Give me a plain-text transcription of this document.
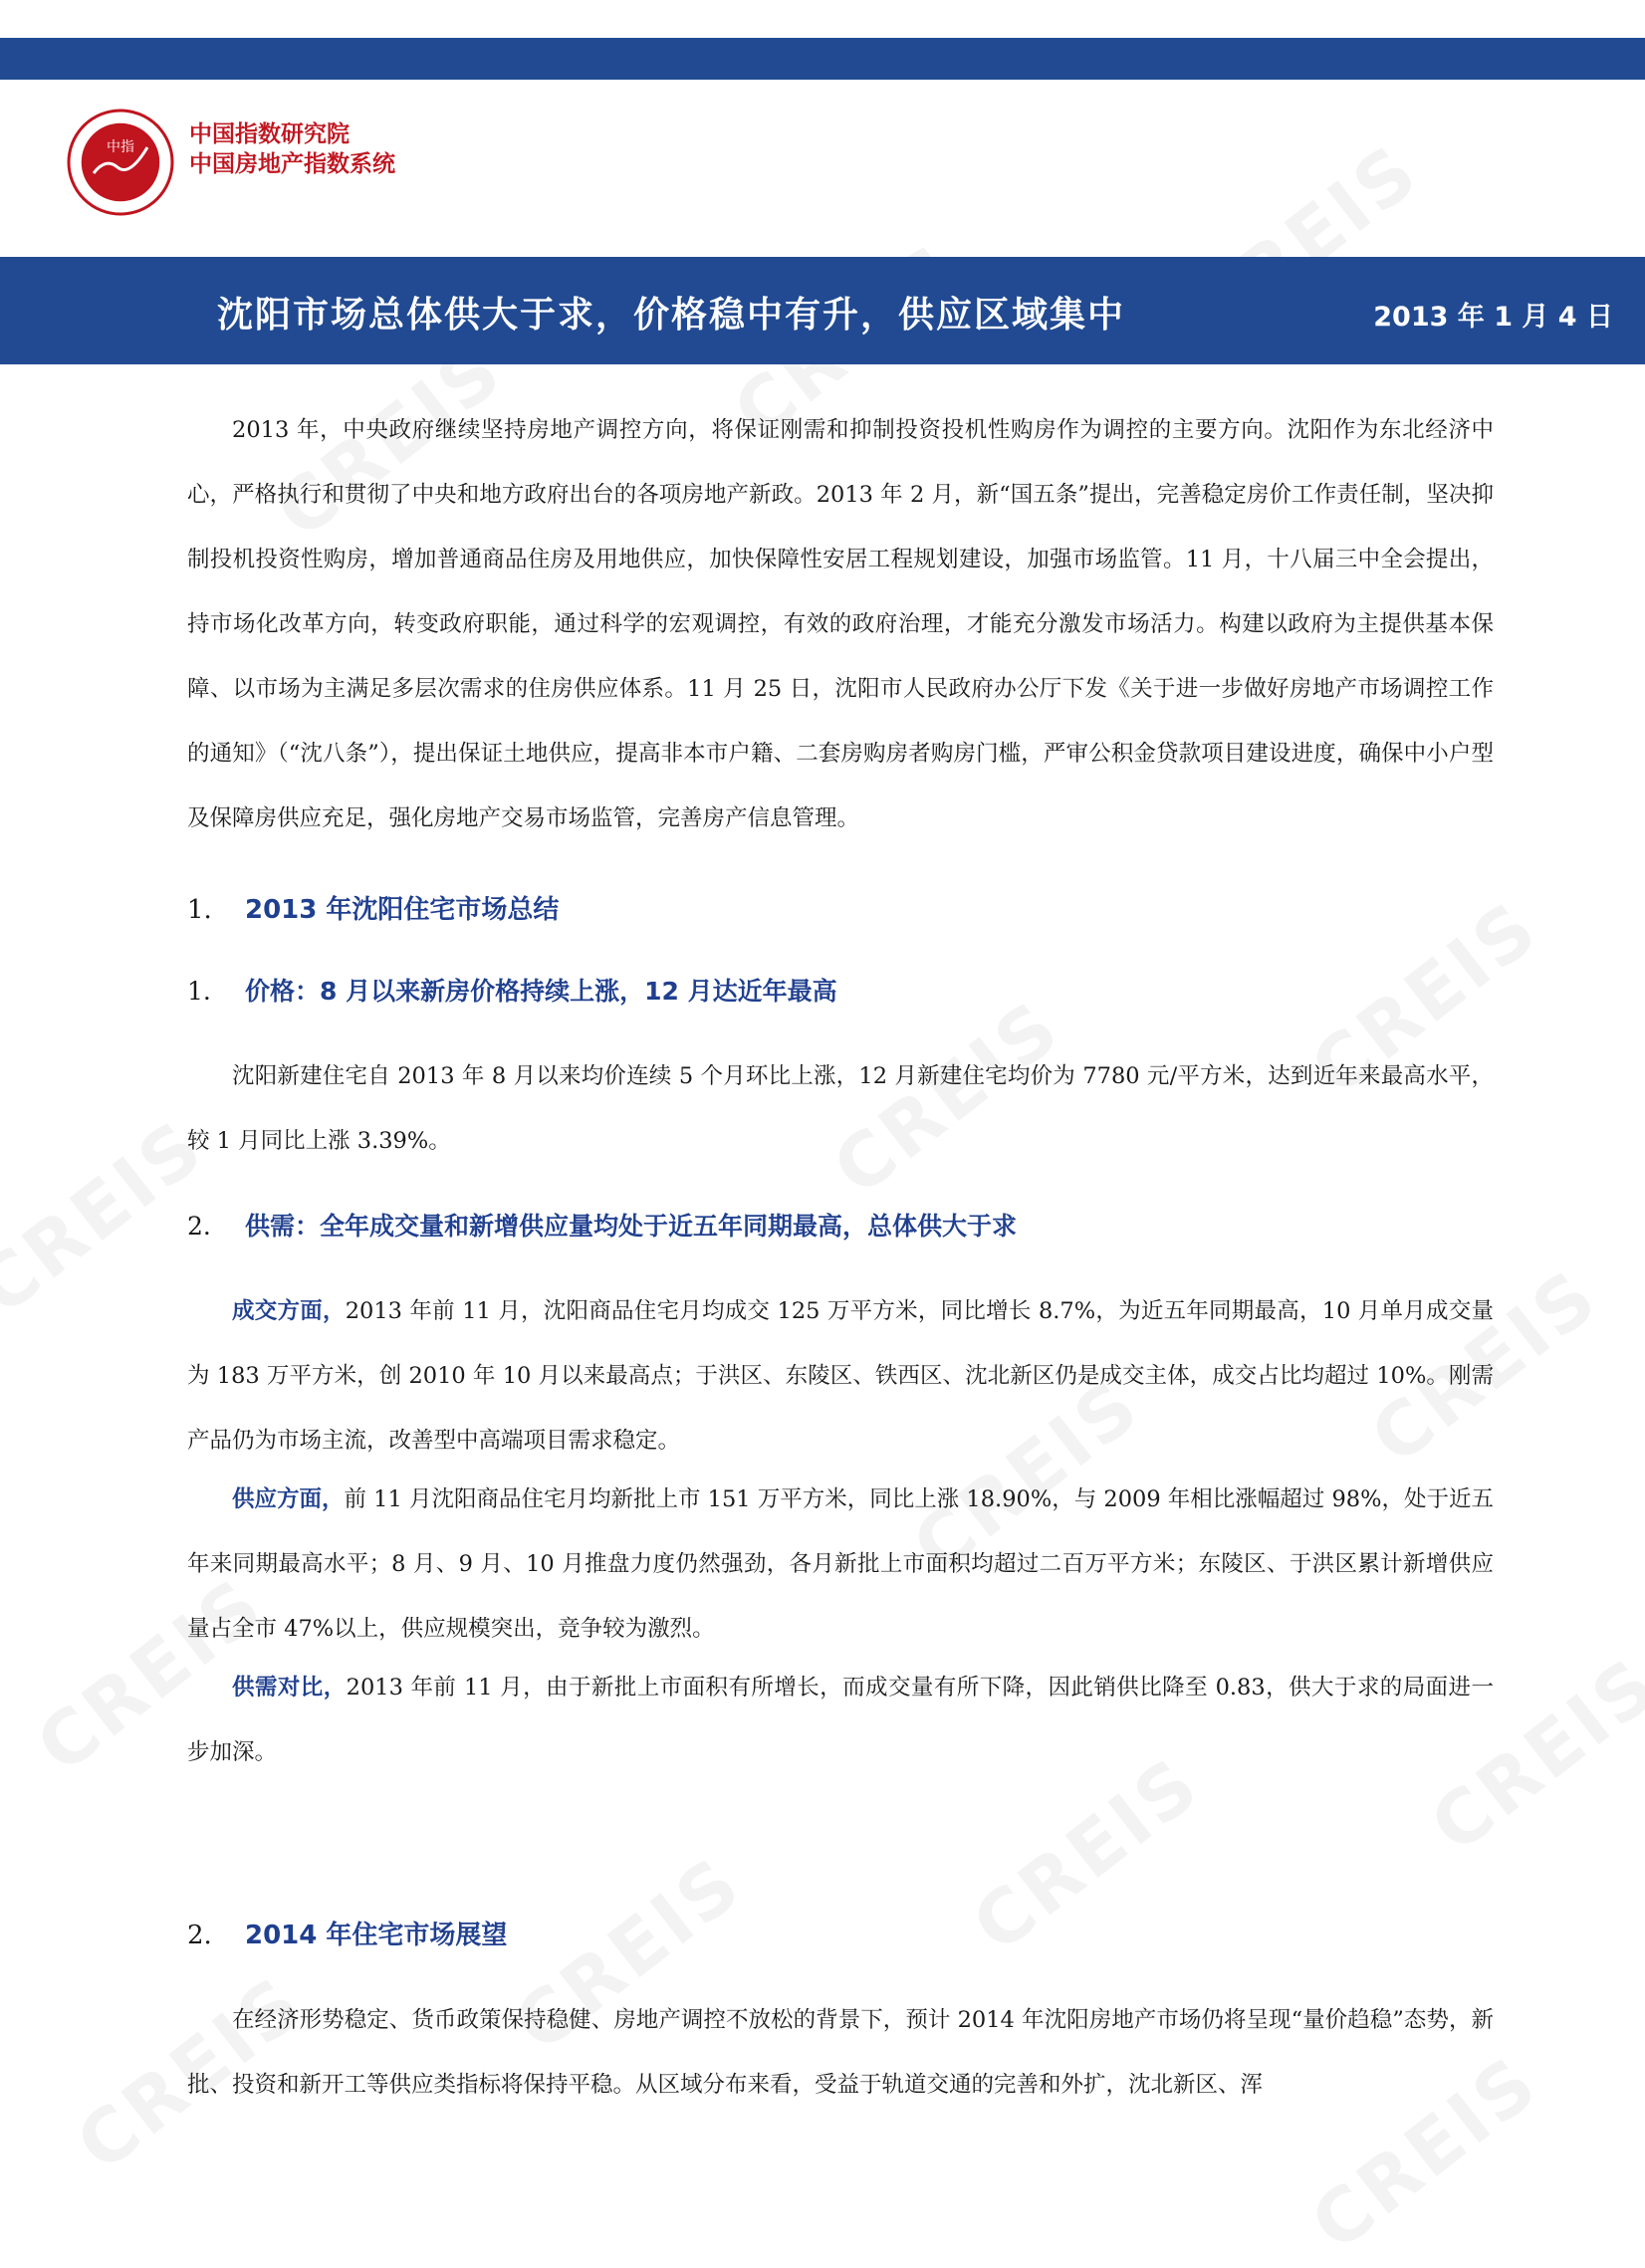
中指 中国指数研究院
中国房地产指数系统
沈阳市场总体供大于求，价格稳中有升，供应区域集中	2013 年 1 月 4 日

2013 年，中央政府继续坚持房地产调控方向，将保证刚需和抑制投资投机性购房作为调控的主要方向。沈阳作为东北经济中心，严格执行和贯彻了中央和地方政府出台的各项房地产新政。2013 年 2 月，新“国五条”提出，完善稳定房价工作责任制，坚决抑制投机投资性购房，增加普通商品住房及用地供应，加快保障性安居工程规划建设，加强市场监管。11 月，十八届三中全会提出，持市场化改革方向，转变政府职能，通过科学的宏观调控，有效的政府治理，才能充分激发市场活力。构建以政府为主提供基本保障、以市场为主满足多层次需求的住房供应体系。11 月 25 日，沈阳市人民政府办公厅下发《关于进一步做好房地产市场调控工作的通知》（“沈八条”），提出保证土地供应，提高非本市户籍、二套房购房者购房门槛，严审公积金贷款项目建设进度，确保中小户型及保障房供应充足，强化房地产交易市场监管，完善房产信息管理。

1. 2013 年沈阳住宅市场总结
1. 价格：8 月以来新房价格持续上涨，12 月达近年最高

沈阳新建住宅自 2013 年 8 月以来均价连续 5 个月环比上涨，12 月新建住宅均价为 7780 元/平方米，达到近年来最高水平，较 1 月同比上涨 3.39%。

2. 供需：全年成交量和新增供应量均处于近五年同期最高，总体供大于求

成交方面，2013 年前 11 月，沈阳商品住宅月均成交 125 万平方米，同比增长 8.7%，为近五年同期最高，10 月单月成交量为 183 万平方米，创 2010 年 10 月以来最高点；于洪区、东陵区、铁西区、沈北新区仍是成交主体，成交占比均超过 10%。刚需产品仍为市场主流，改善型中高端项目需求稳定。

供应方面，前 11 月沈阳商品住宅月均新批上市 151 万平方米，同比上涨 18.90%，与 2009 年相比涨幅超过 98%，处于近五年来同期最高水平；8 月、9 月、10 月推盘力度仍然强劲，各月新批上市面积均超过二百万平方米；东陵区、于洪区累计新增供应量占全市 47%以上，供应规模突出，竞争较为激烈。

供需对比，2013 年前 11 月，由于新批上市面积有所增长，而成交量有所下降，因此销供比降至 0.83，供大于求的局面进一步加深。

2. 2014 年住宅市场展望

在经济形势稳定、货币政策保持稳健、房地产调控不放松的背景下，预计 2014 年沈阳房地产市场仍将呈现“量价趋稳”态势，新批、投资和新开工等供应类指标将保持平稳。从区域分布来看，受益于轨道交通的完善和外扩，沈北新区、浑
